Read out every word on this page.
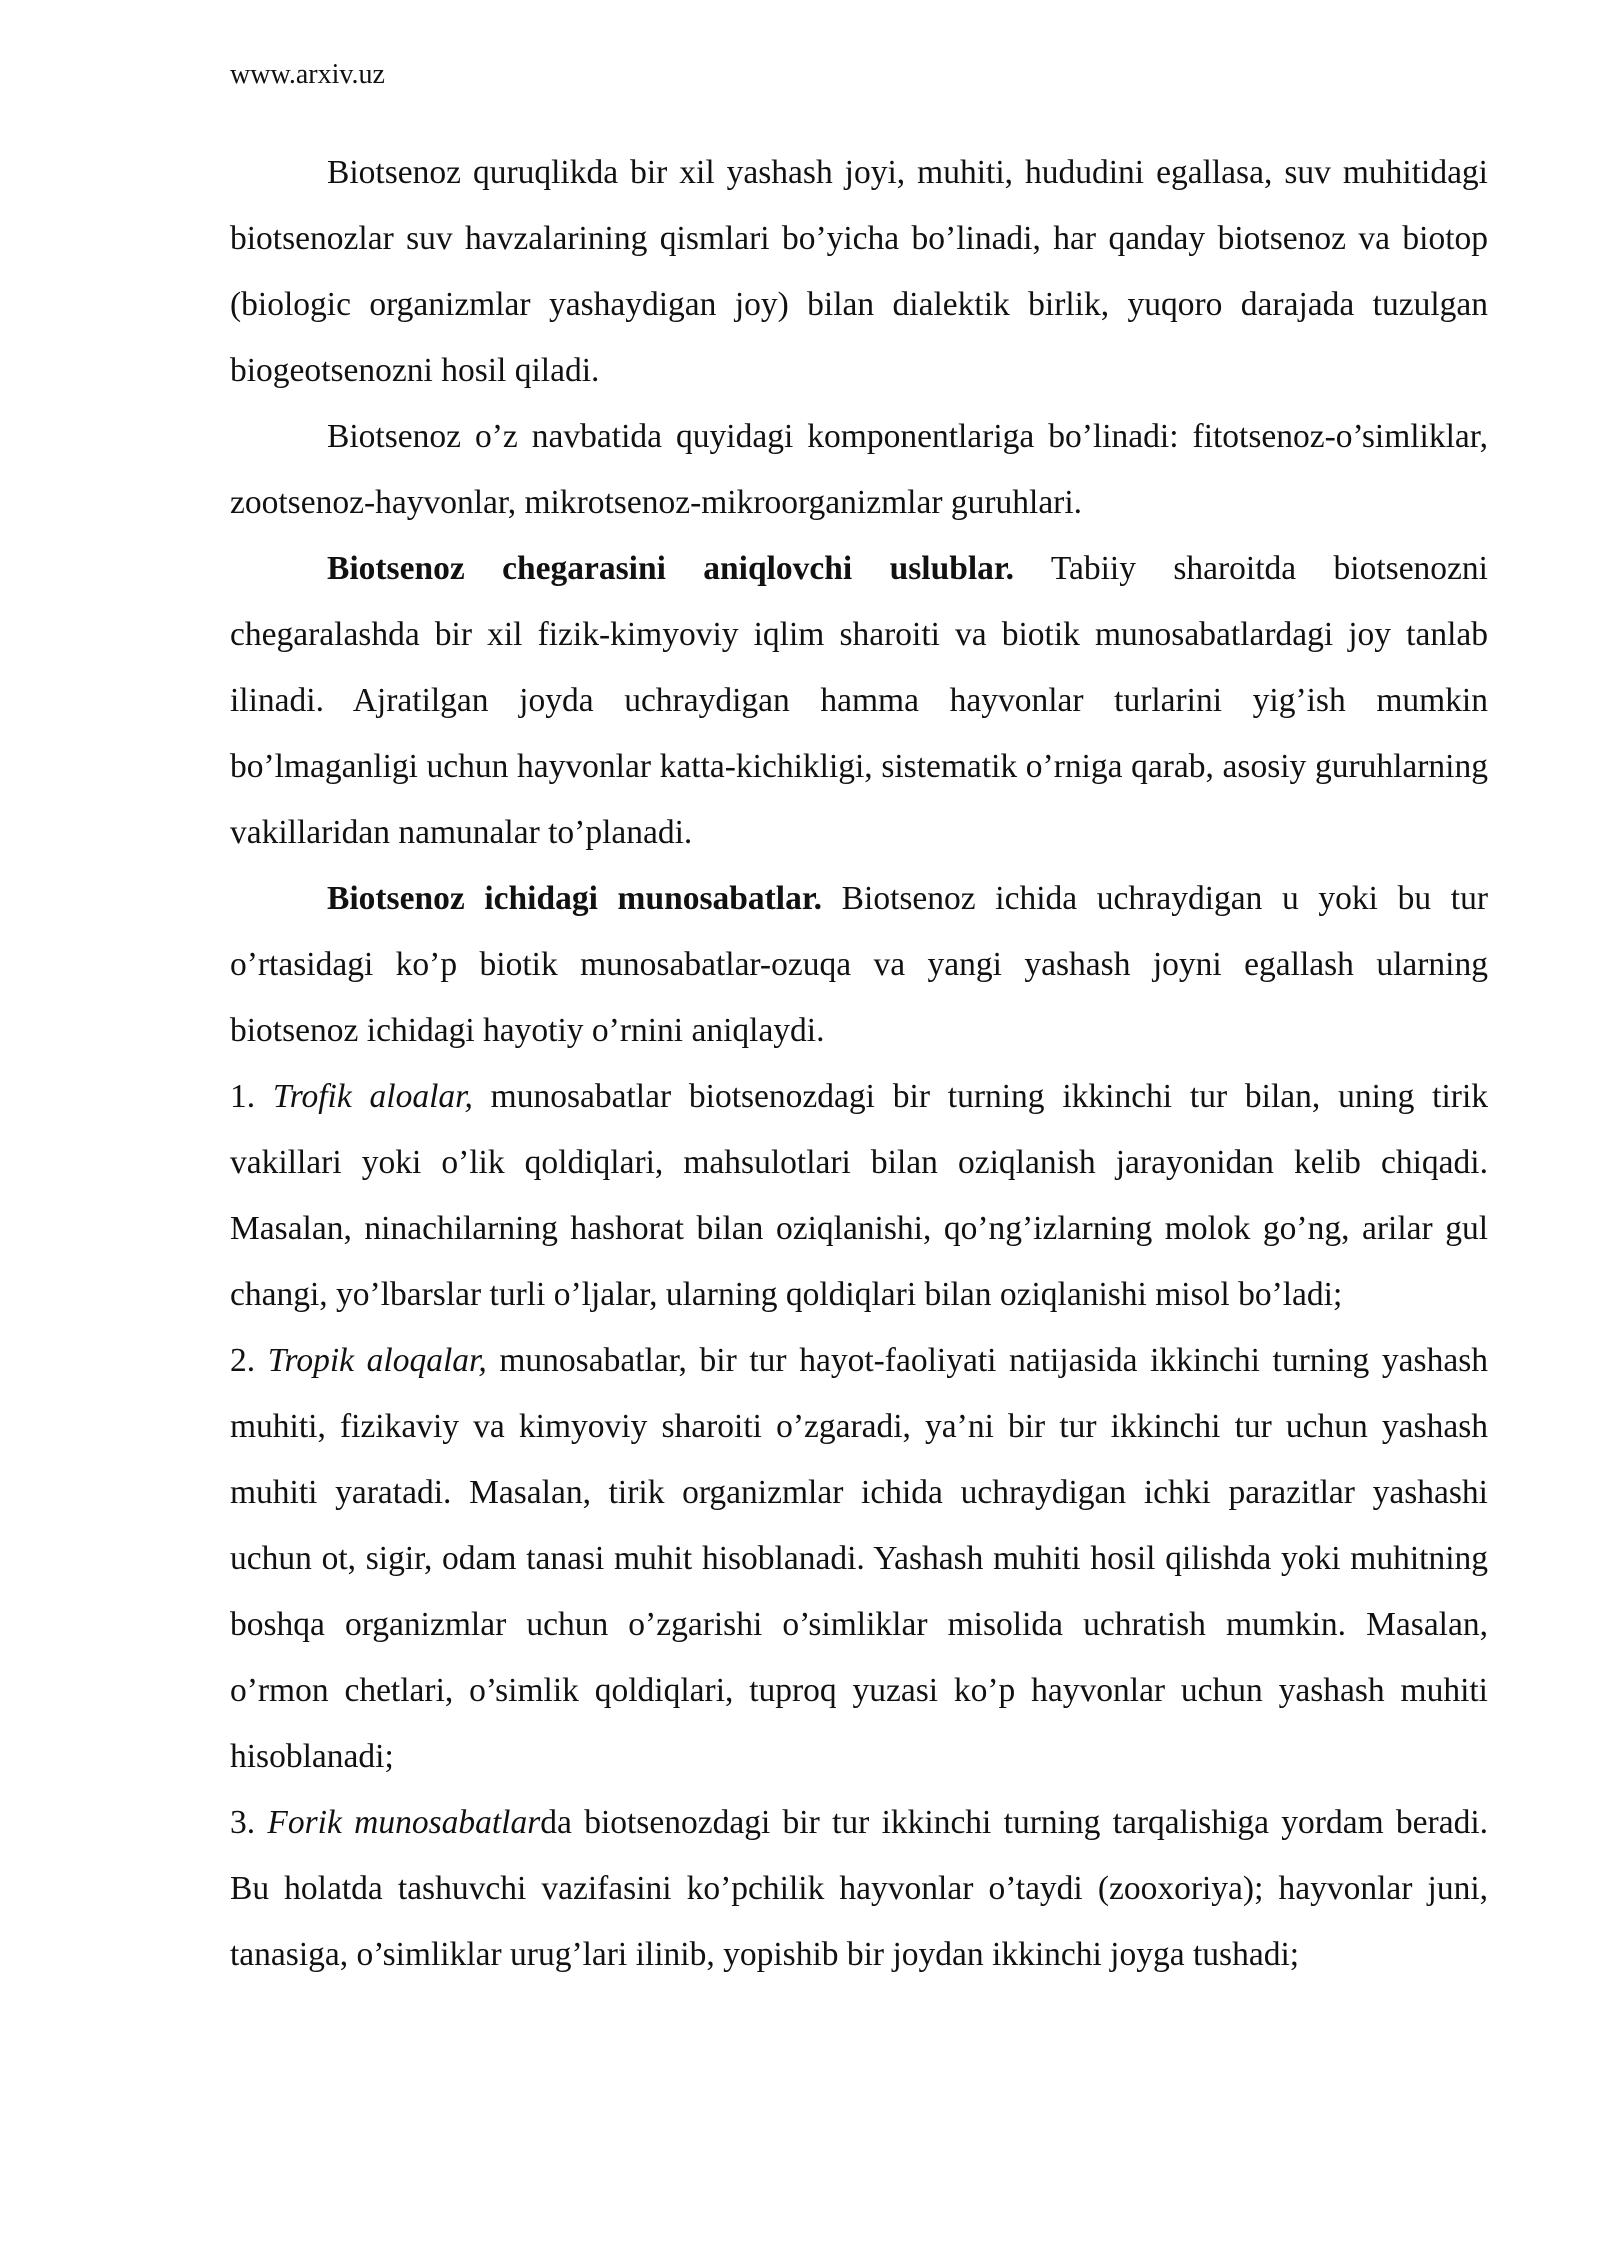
www.arxiv.uz

Biotsenoz quruqlikda bir xil yashash joyi, muhiti, hududini egallasa, suv muhitidagi biotsenozlar suv havzalarining qismlari bo’yicha bo’linadi, har qanday biotsenoz va biotop (biologic organizmlar yashaydigan joy) bilan dialektik birlik, yuqoro darajada tuzulgan biogeotsenozni hosil qiladi.

Biotsenoz o’z navbatida quyidagi komponentlariga bo’linadi: fitotsenoz-o’simliklar, zootsenoz-hayvonlar, mikrotsenoz-mikroorganizmlar guruhlari.

Biotsenoz chegarasini aniqlovchi uslublar. Tabiiy sharoitda biotsenozni chegaralashda bir xil fizik-kimyoviy iqlim sharoiti va biotik munosabatlardagi joy tanlab ilinadi. Ajratilgan joyda uchraydigan hamma hayvonlar turlarini yig’ish mumkin bo’lmaganligi uchun hayvonlar katta-kichikligi, sistematik o’rniga qarab, asosiy guruhlarning vakillaridan namunalar to’planadi.

Biotsenoz ichidagi munosabatlar. Biotsenoz ichida uchraydigan u yoki bu tur o’rtasidagi ko’p biotik munosabatlar-ozuqa va yangi yashash joyni egallash ularning biotsenoz ichidagi hayotiy o’rnini aniqlaydi.

1. Trofik aloalar, munosabatlar biotsenozdagi bir turning ikkinchi tur bilan, uning tirik vakillari yoki o’lik qoldiqlari, mahsulotlari bilan oziqlanish jarayonidan kelib chiqadi. Masalan, ninachilarning hashorat bilan oziqlanishi, qo’ng’izlarning molok go’ng, arilar gul changi, yo’lbarslar turli o’ljalar, ularning qoldiqlari bilan oziqlanishi misol bo’ladi;

2. Tropik aloqalar, munosabatlar, bir tur hayot-faoliyati natijasida ikkinchi turning yashash muhiti, fizikaviy va kimyoviy sharoiti o’zgaradi, ya’ni bir tur ikkinchi tur uchun yashash muhiti yaratadi. Masalan, tirik organizmlar ichida uchraydigan ichki parazitlar yashashi uchun ot, sigir, odam tanasi muhit hisoblanadi. Yashash muhiti hosil qilishda yoki muhitning boshqa organizmlar uchun o’zgarishi o’simliklar misolida uchratish mumkin. Masalan, o’rmon chetlari, o’simlik qoldiqlari, tuproq yuzasi ko’p hayvonlar uchun yashash muhiti hisoblanadi;

3. Forik munosabatlarda biotsenozdagi bir tur ikkinchi turning tarqalishiga yordam beradi. Bu holatda tashuvchi vazifasini ko’pchilik hayvonlar o’taydi (zooxoriya); hayvonlar juni, tanasiga, o’simliklar urug’lari ilinib, yopishib bir joydan ikkinchi joyga tushadi;
